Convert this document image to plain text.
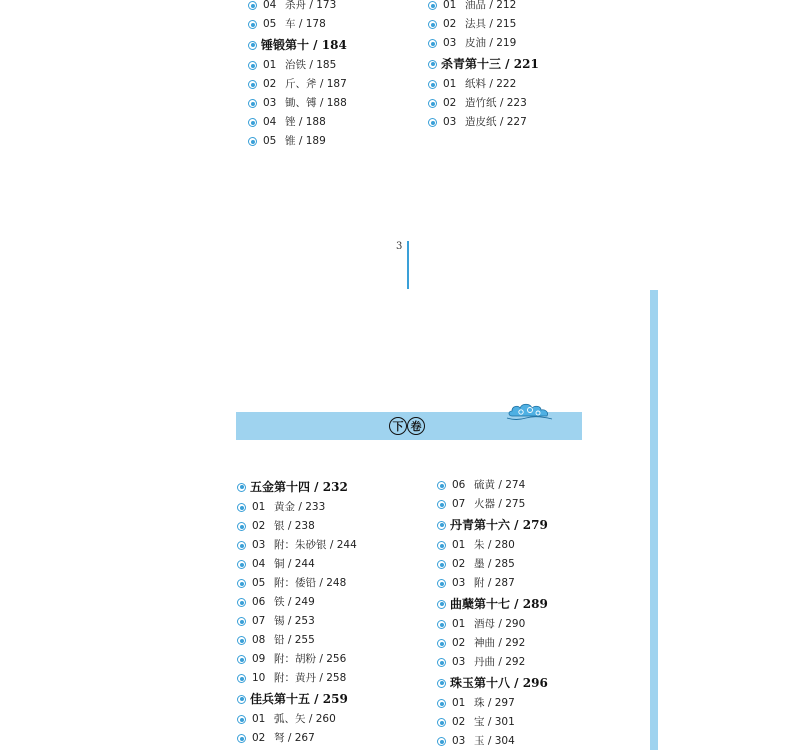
04 杀舟 / 173
05 车 / 178
锤锻第十 / 184
01 治铁 / 185
02 斤、斧 / 187
03 锄、镈 / 188
04 锉 / 188
05 锥 / 189
01 油品 / 212
02 法具 / 215
03 皮油 / 219
杀青第十三 / 221
01 纸料 / 222
02 造竹纸 / 223
03 造皮纸 / 227
3
下 卷
五金第十四 / 232
01 黄金 / 233
02 银 / 238
03 附：朱砂银 / 244
04 铜 / 244
05 附：倭铅 / 248
06 铁 / 249
07 锡 / 253
08 铅 / 255
09 附：胡粉 / 256
10 附：黄丹 / 258
佳兵第十五 / 259
01 弧、矢 / 260
02 弩 / 267
06 硫黄 / 274
07 火器 / 275
丹青第十六 / 279
01 朱 / 280
02 墨 / 285
03 附 / 287
曲蘖第十七 / 289
01 酒母 / 290
02 神曲 / 292
03 丹曲 / 292
珠玉第十八 / 296
01 珠 / 297
02 宝 / 301
03 玉 / 304
